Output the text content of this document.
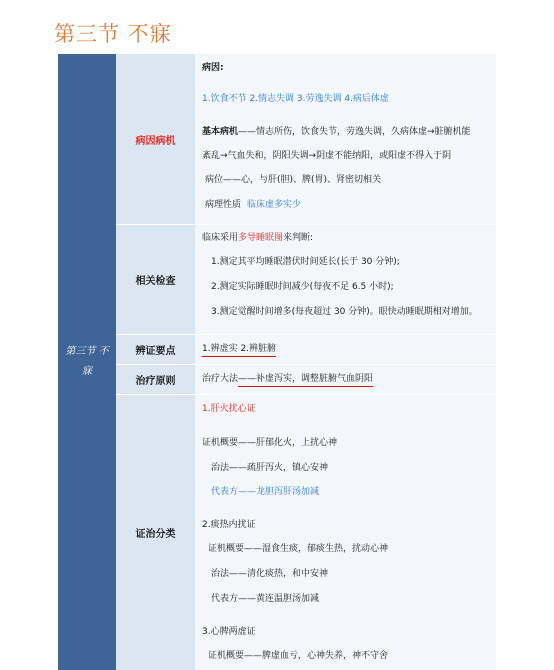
第三节 不寐
第三节 不
寐
病因病机
病因:
1.饮食不节 2.情志失调 3.劳逸失调 4.病后体虚
基本病机——情志所伤，饮食失节，劳逸失调，久病体虚→脏腑机能
紊乱→气血失和，阴阳失调→阴虚不能纳阳，或阳虚不得入于阴
病位——心，与肝(胆)、脾(胃)、肾密切相关
病理性质 临床虚多实少
相关检查
临床采用多导睡眠图来判断:
1.测定其平均睡眠潜伏时间延长(长于 30 分钟);
2.测定实际睡眠时间减少(每夜不足 6.5 小时);
3.测定觉醒时间增多(每夜超过 30 分钟)。眼快动睡眠期相对增加。
辨证要点	1.辨虚实 2.辨脏腑
治疗原则	治疗大法——补虚泻实，调整脏腑气血阴阳
证治分类
1.肝火扰心证
证机概要——肝郁化火，上扰心神
治法——疏肝泻火，镇心安神
代表方——龙胆泻肝汤加减
2.痰热内扰证
证机概要——湿食生痰，郁痰生热，扰动心神
治法——清化痰热，和中安神
代表方——黄连温胆汤加减
3.心脾两虚证
证机概要——脾虚血亏，心神失养，神不守舍
